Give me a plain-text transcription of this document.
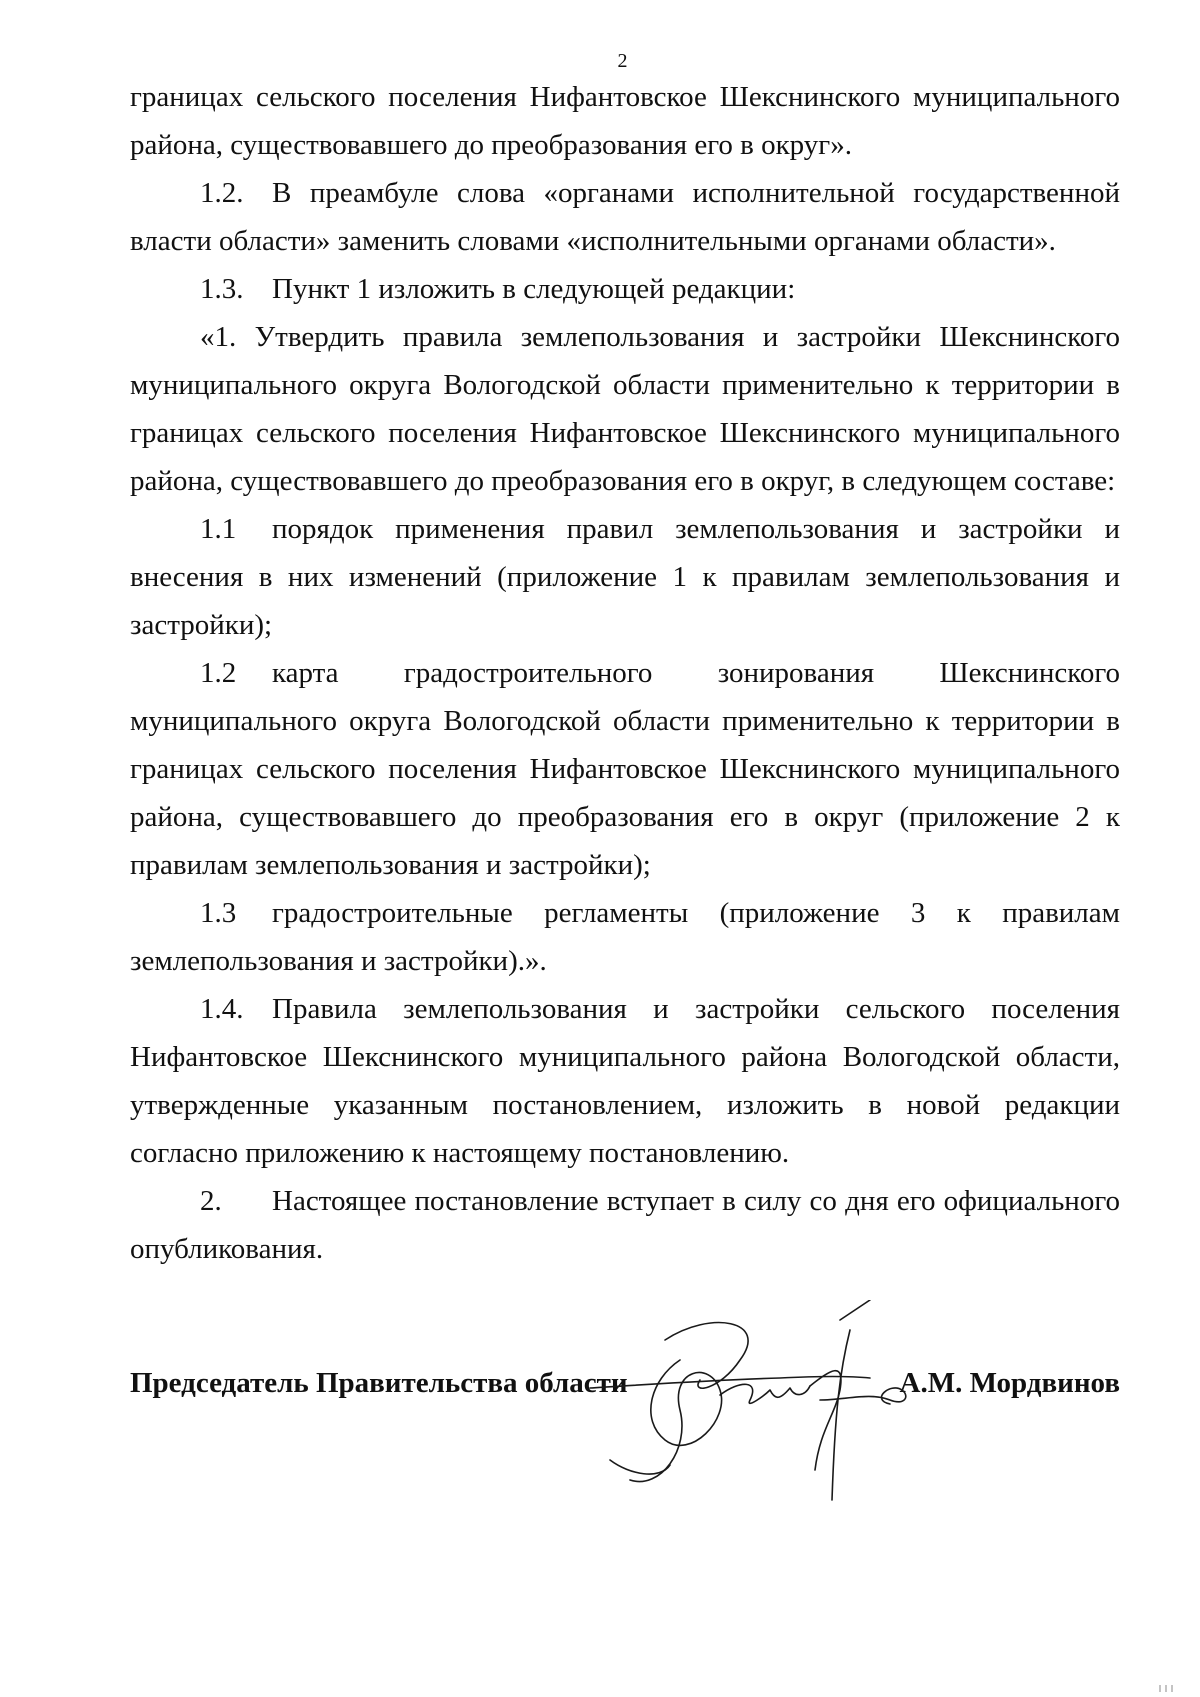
2

границах сельского поселения Нифантовское Шекснинского муниципального района, существовавшего до преобразования его в округ».

1.2. В преамбуле слова «органами исполнительной государственной власти области» заменить словами «исполнительными органами области».

1.3. Пункт 1 изложить в следующей редакции:

«1. Утвердить правила землепользования и застройки Шекснинского муниципального округа Вологодской области применительно к территории в границах сельского поселения Нифантовское Шекснинского муниципального района, существовавшего до преобразования его в округ, в следующем составе:

1.1 порядок применения правил землепользования и застройки и внесения в них изменений (приложение 1 к правилам землепользования и застройки);

1.2 карта градостроительного зонирования Шекснинского муниципального округа Вологодской области применительно к территории в границах сельского поселения Нифантовское Шекснинского муниципального района, существовавшего до преобразования его в округ (приложение 2 к правилам землепользования и застройки);

1.3 градостроительные регламенты (приложение 3 к правилам землепользования и застройки).».

1.4. Правила землепользования и застройки сельского поселения Нифантовское Шекснинского муниципального района Вологодской области, утвержденные указанным постановлением, изложить в новой редакции согласно приложению к настоящему постановлению.

2. Настоящее постановление вступает в силу со дня его официального опубликования.

Председатель Правительства области	А.М. Мордвинов
